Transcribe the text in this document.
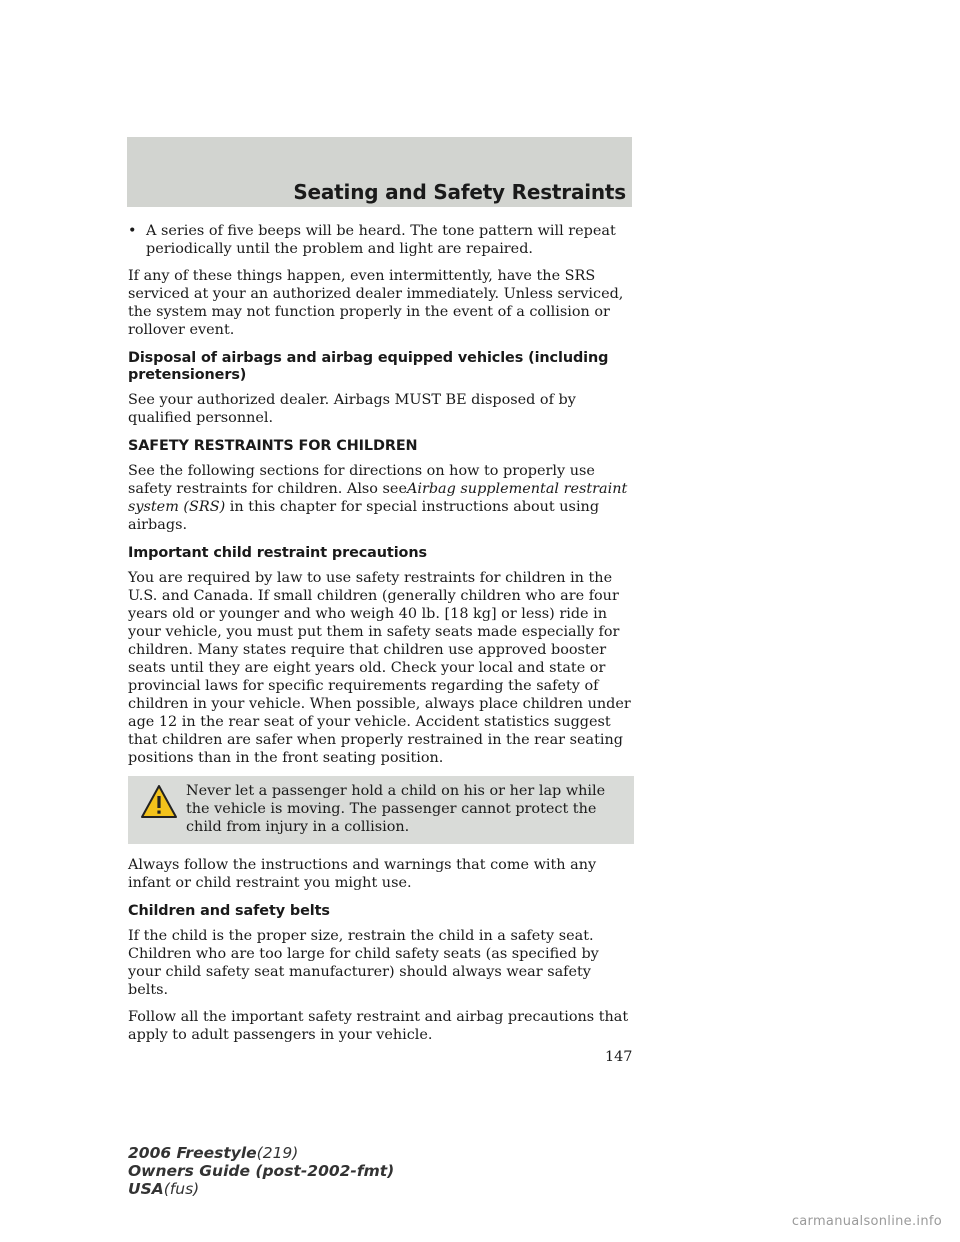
Seating and Safety Restraints
• A series of five beeps will be heard. The tone pattern will repeat periodically until the problem and light are repaired.

If any of these things happen, even intermittently, have the SRS serviced at your an authorized dealer immediately. Unless serviced, the system may not function properly in the event of a collision or rollover event.

Disposal of airbags and airbag equipped vehicles (including pretensioners)

See your authorized dealer. Airbags MUST BE disposed of by qualified personnel.

SAFETY RESTRAINTS FOR CHILDREN

See the following sections for directions on how to properly use safety restraints for children. Also seeAirbag supplemental restraint system (SRS) in this chapter for special instructions about using airbags.

Important child restraint precautions

You are required by law to use safety restraints for children in the U.S. and Canada. If small children (generally children who are four years old or younger and who weigh 40 lb. [18 kg] or less) ride in your vehicle, you must put them in safety seats made especially for children. Many states require that children use approved booster seats until they are eight years old. Check your local and state or provincial laws for specific requirements regarding the safety of children in your vehicle. When possible, always place children under age 12 in the rear seat of your vehicle. Accident statistics suggest that children are safer when properly restrained in the rear seating positions than in the front seating position.

Never let a passenger hold a child on his or her lap while the vehicle is moving. The passenger cannot protect the child from injury in a collision.

Always follow the instructions and warnings that come with any infant or child restraint you might use.

Children and safety belts

If the child is the proper size, restrain the child in a safety seat. Children who are too large for child safety seats (as specified by your child safety seat manufacturer) should always wear safety belts.

Follow all the important safety restraint and airbag precautions that apply to adult passengers in your vehicle.

147
2006 Freestyle(219)
Owners Guide (post-2002-fmt)
USA(fus)
carmanualsonline.info
